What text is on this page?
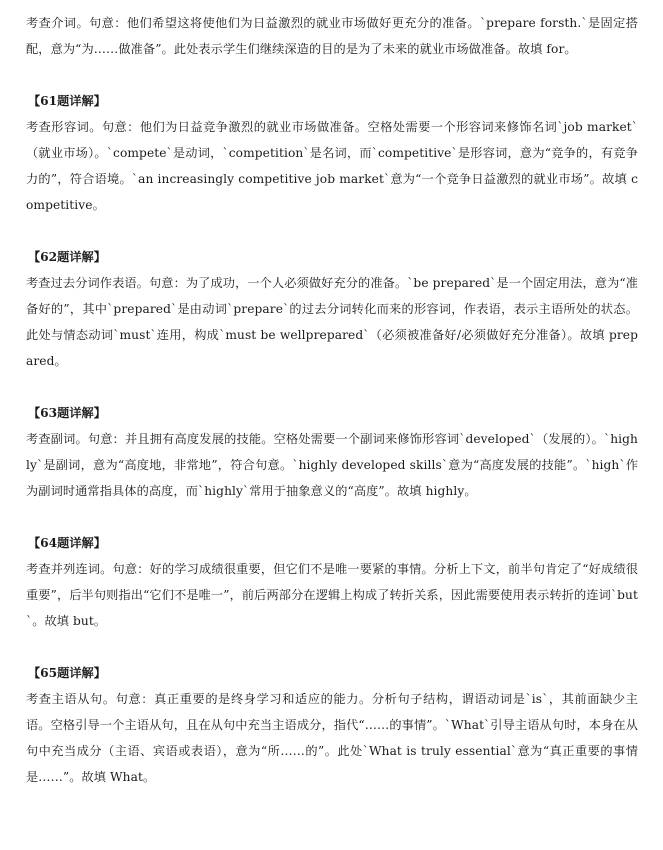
考查介词。句意：他们希望这将使他们为日益激烈的就业市场做好更充分的准备。`prepare forsth.`是固定搭配，意为“为……做准备”。此处表示学生们继续深造的目的是为了未来的就业市场做准备。故填 for。

【61题详解】

考查形容词。句意：他们为日益竞争激烈的就业市场做准备。空格处需要一个形容词来修饰名词`job market`（就业市场）。`compete`是动词，`competition`是名词，而`competitive`是形容词，意为“竞争的，有竞争力的”，符合语境。`an increasingly competitive job market`意为“一个竞争日益激烈的就业市场”。故填 competitive。

【62题详解】

考查过去分词作表语。句意：为了成功，一个人必须做好充分的准备。`be prepared`是一个固定用法，意为“准备好的”，其中`prepared`是由动词`prepare`的过去分词转化而来的形容词，作表语，表示主语所处的状态。此处与情态动词`must`连用，构成`must be wellprepared`（必须被准备好/必须做好充分准备）。故填 prepared。

【63题详解】

考查副词。句意：并且拥有高度发展的技能。空格处需要一个副词来修饰形容词`developed`（发展的）。`highly`是副词，意为“高度地，非常地”，符合句意。`highly developed skills`意为“高度发展的技能”。`high`作为副词时通常指具体的高度，而`highly`常用于抽象意义的“高度”。故填 highly。

【64题详解】

考查并列连词。句意：好的学习成绩很重要，但它们不是唯一要紧的事情。分析上下文，前半句肯定了“好成绩很重要”，后半句则指出“它们不是唯一”，前后两部分在逻辑上构成了转折关系，因此需要使用表示转折的连词`but`。故填 but。

【65题详解】

考查主语从句。句意：真正重要的是终身学习和适应的能力。分析句子结构，谓语动词是`is`，其前面缺少主语。空格引导一个主语从句，且在从句中充当主语成分，指代“……的事情”。`What`引导主语从句时，本身在从句中充当成分（主语、宾语或表语），意为“所……的”。此处`What is truly essential`意为“真正重要的事情是……”。故填 What。
